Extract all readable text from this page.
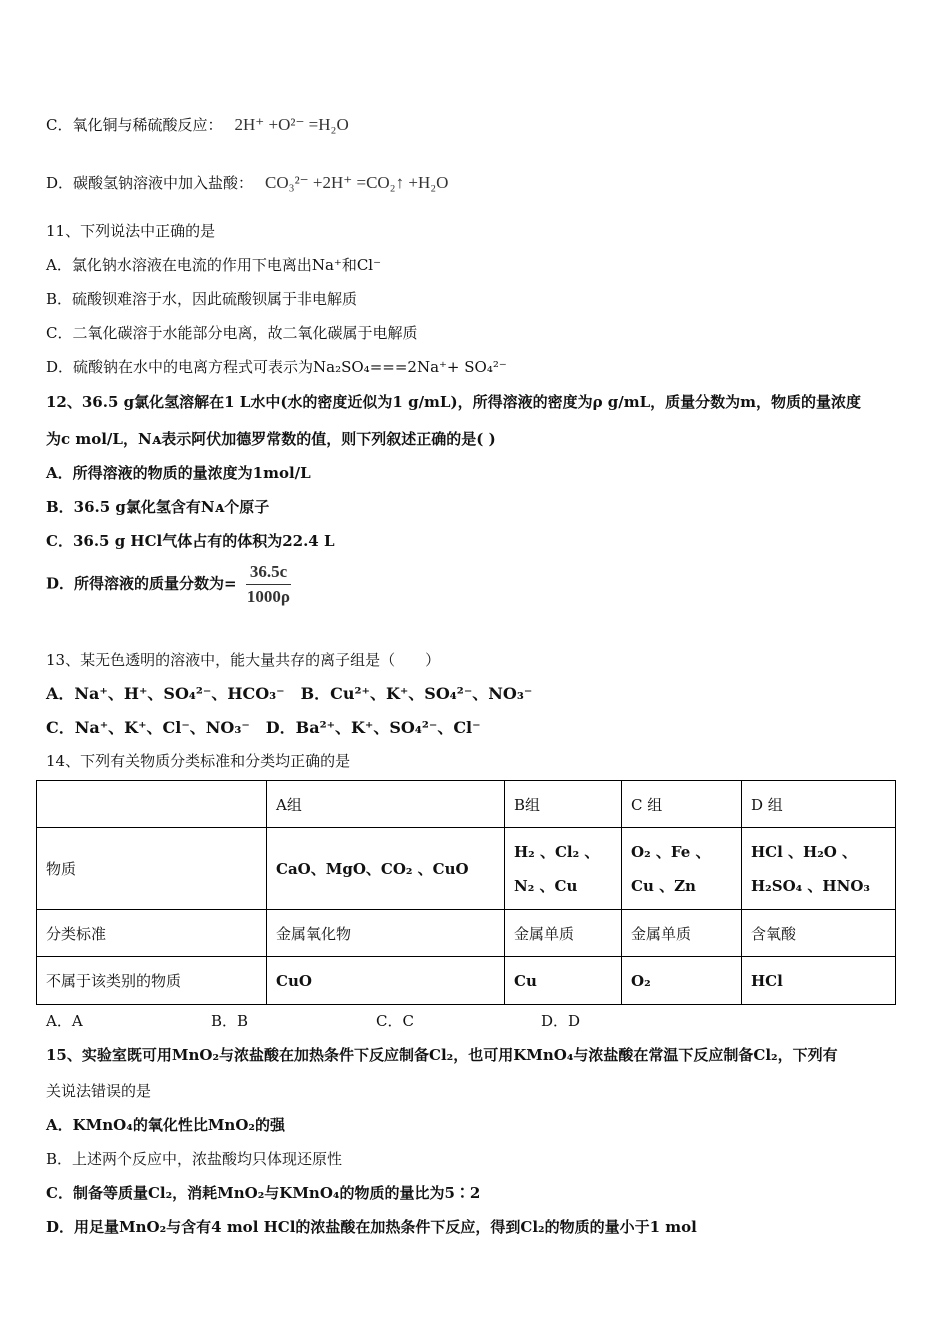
C．氧化铜与稀硫酸反应： 2H⁺ +O²⁻ =H₂O
D．碳酸氢钠溶液中加入盐酸： CO₃²⁻ +2H⁺ =CO₂↑ +H₂O
11、下列说法中正确的是
A．氯化钠水溶液在电流的作用下电离出Na⁺和Cl⁻
B．硫酸钡难溶于水，因此硫酸钡属于非电解质
C．二氧化碳溶于水能部分电离，故二氧化碳属于电解质
D．硫酸钠在水中的电离方程式可表示为Na₂SO₄===2Na⁺+ SO₄²⁻
12、36.5 g氯化氢溶解在1 L水中(水的密度近似为1 g/mL)，所得溶液的密度为ρ g/mL，质量分数为m，物质的量浓度
为c mol/L，Nᴀ表示阿伏加德罗常数的值，则下列叙述正确的是( )
A．所得溶液的物质的量浓度为1mol/L
B．36.5 g氯化氢含有Nᴀ个原子
C．36.5 g HCl气体占有的体积为22.4 L
D．所得溶液的质量分数为= $\frac{36.5c}{1000\rho}$
13、某无色透明的溶液中，能大量共存的离子组是（　　）
A．Na⁺、H⁺、SO₄²⁻、HCO₃⁻　B．Cu²⁺、K⁺、SO₄²⁻、NO₃⁻
C．Na⁺、K⁺、Cl⁻、NO₃⁻　D．Ba²⁺、K⁺、SO₄²⁻、Cl⁻
14、下列有关物质分类标准和分类均正确的是
	A组	B组	C 组	D 组
物质	CaO、MgO、CO₂ 、CuO	H₂ 、Cl₂ 、N₂ 、Cu	O₂ 、Fe 、Cu 、Zn	HCl 、H₂O 、H₂SO₄ 、HNO₃
分类标准	金属氧化物	金属单质	金属单质	含氧酸
不属于该类别的物质	CuO	Cu	O₂	HCl
A．A	B．B	C．C	D．D
15、实验室既可用MnO₂与浓盐酸在加热条件下反应制备Cl₂，也可用KMnO₄与浓盐酸在常温下反应制备Cl₂，下列有
关说法错误的是
A．KMnO₄的氧化性比MnO₂的强
B．上述两个反应中，浓盐酸均只体现还原性
C．制备等质量Cl₂，消耗MnO₂与KMnO₄的物质的量比为5∶2
D．用足量MnO₂与含有4 mol HCl的浓盐酸在加热条件下反应，得到Cl₂的物质的量小于1 mol
